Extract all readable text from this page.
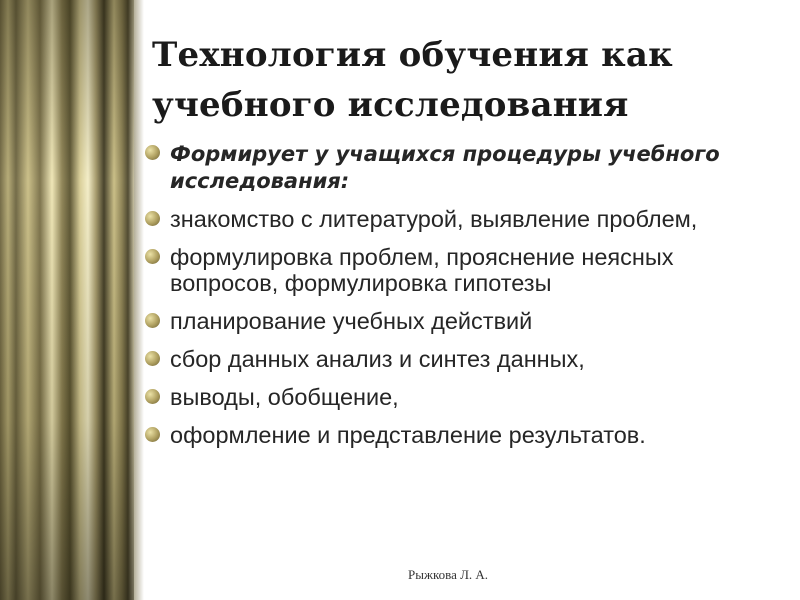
Технология обучения как
учебного исследования
Формирует у учащихся процедуры учебного исследования:
знакомство с литературой, выявление проблем,
формулировка проблем, прояснение неясных вопросов, формулировка гипотезы
планирование учебных действий
сбор данных анализ и синтез данных,
выводы, обобщение,
оформление и представление результатов.
Рыжкова Л. А.
